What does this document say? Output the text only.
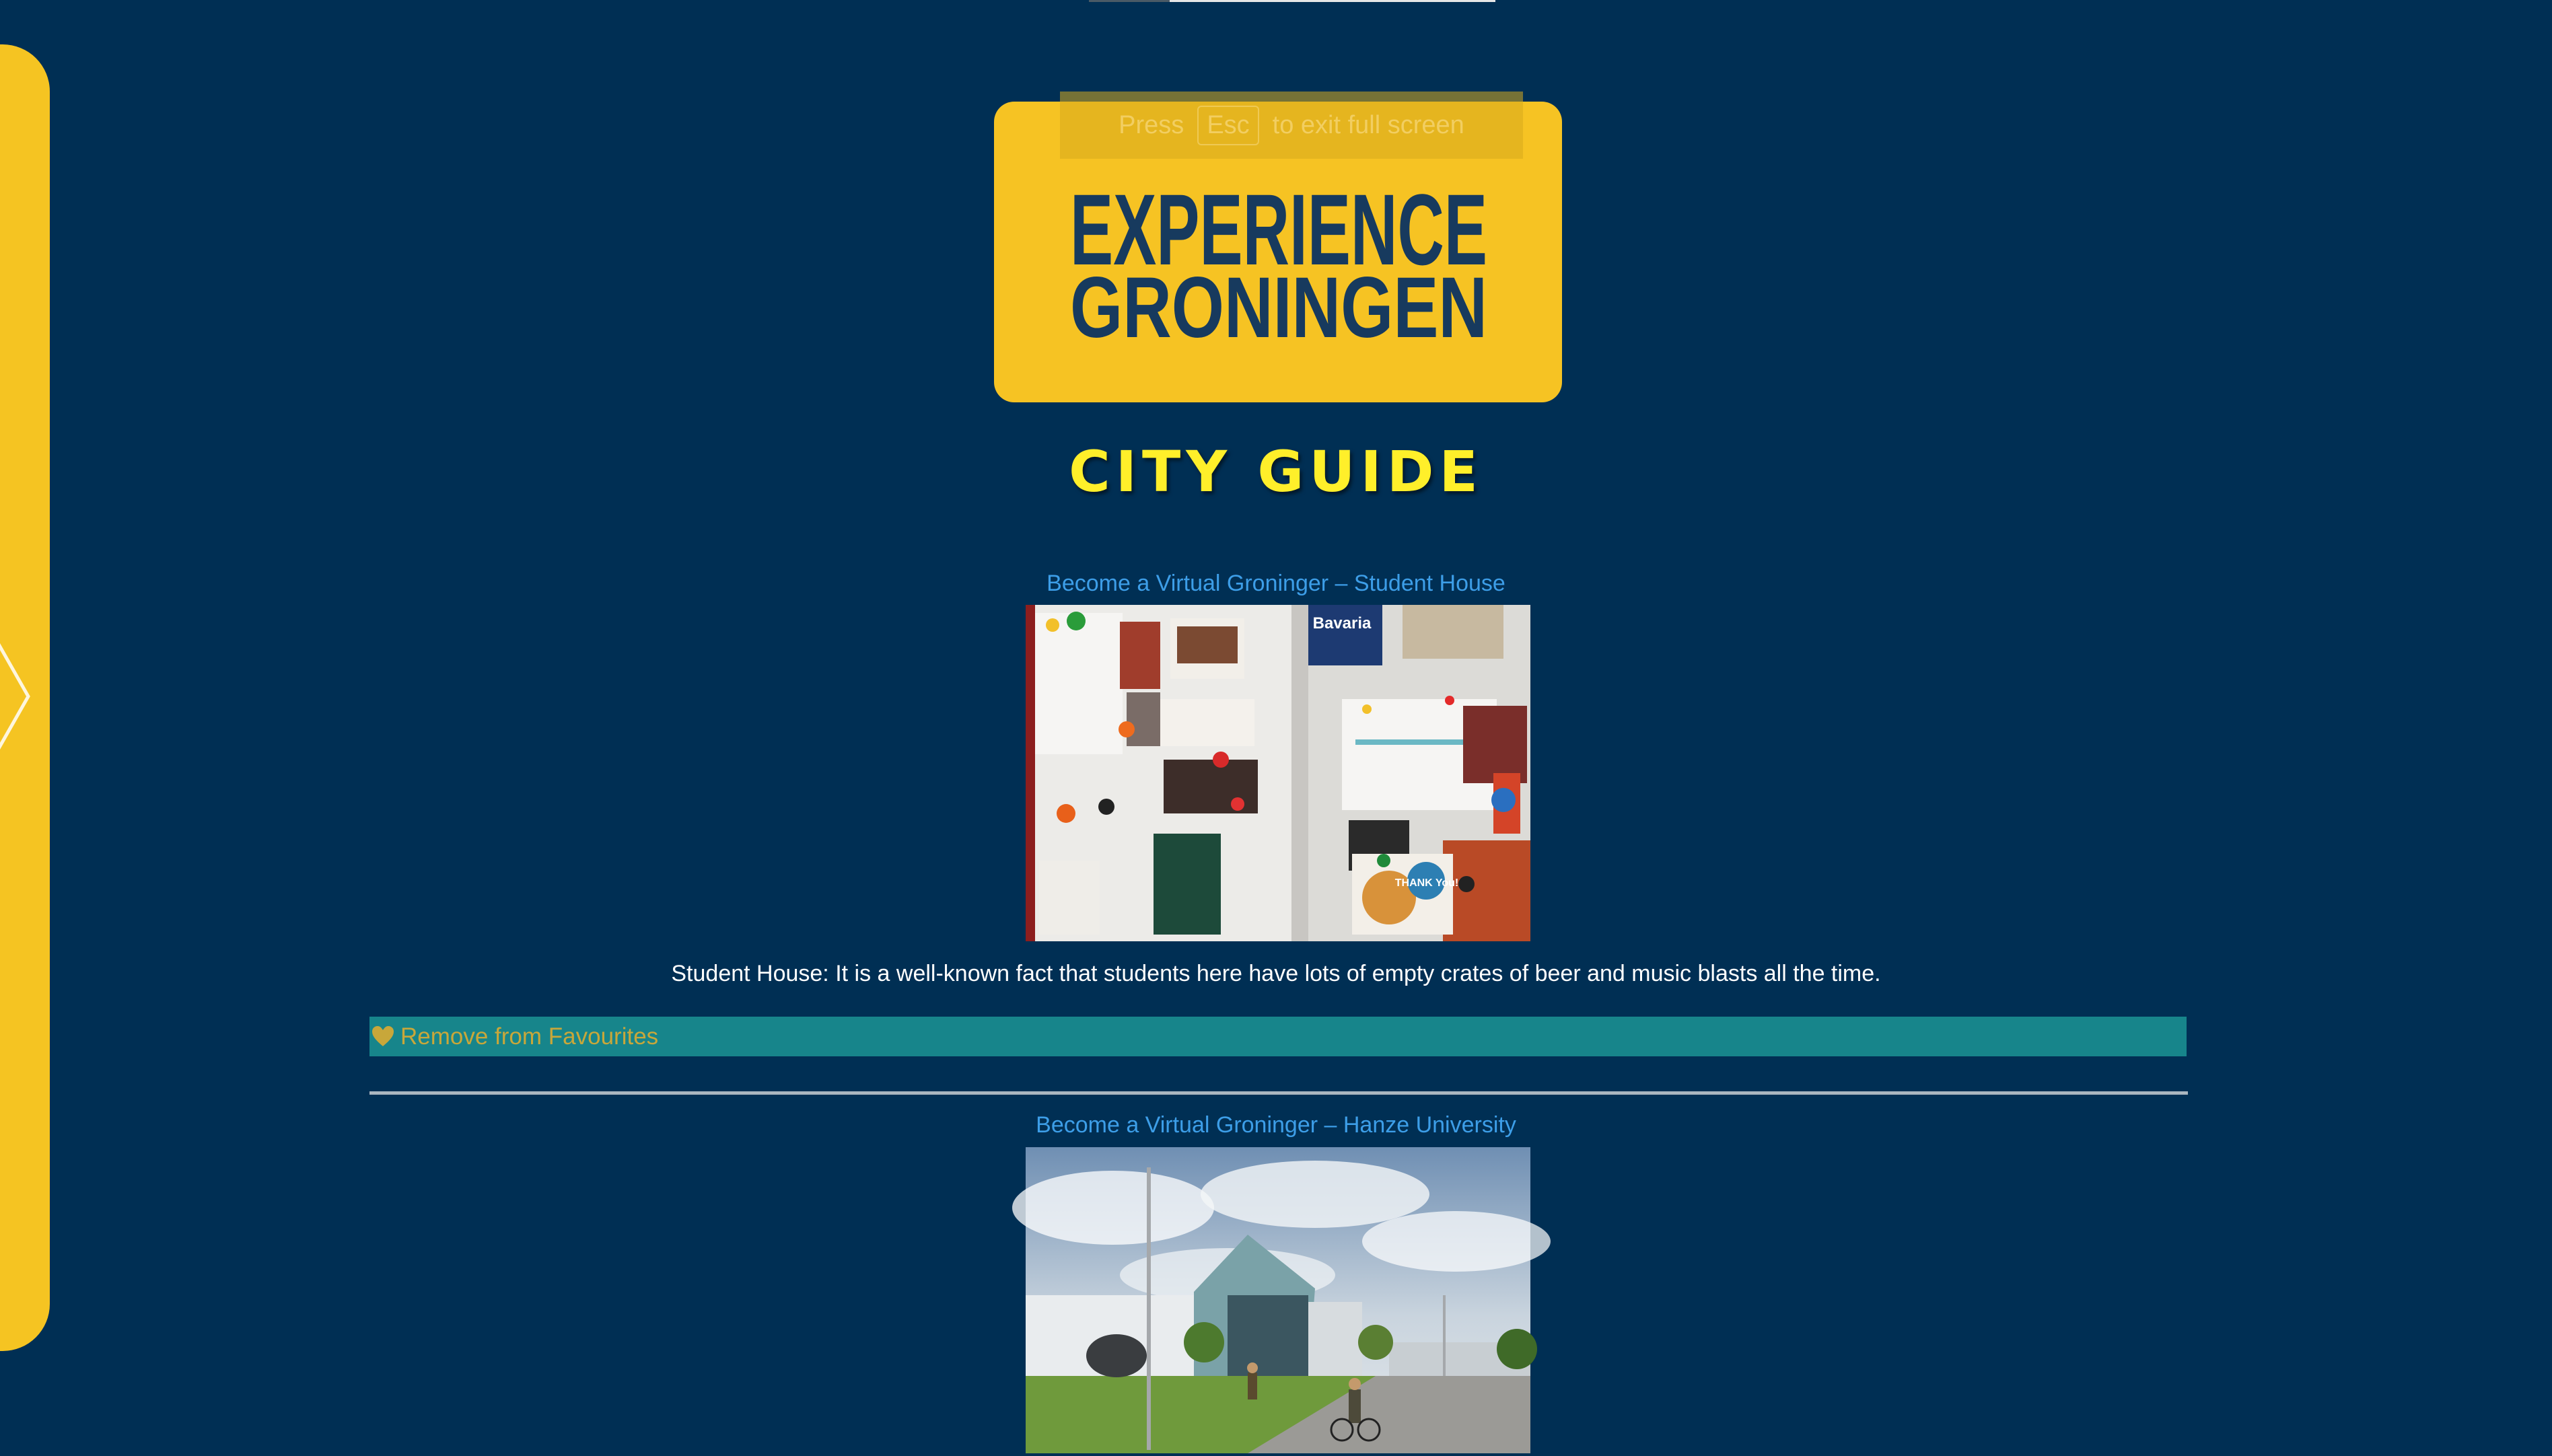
EXPERIENCE
GRONINGEN
Press Esc to exit full screen
CITY GUIDE
Become a Virtual Groninger – Student House
Bavaria
THANK You!
Student House: It is a well-known fact that students here have lots of empty crates of beer and music blasts all the time.
Remove from Favourites
Become a Virtual Groninger – Hanze University
